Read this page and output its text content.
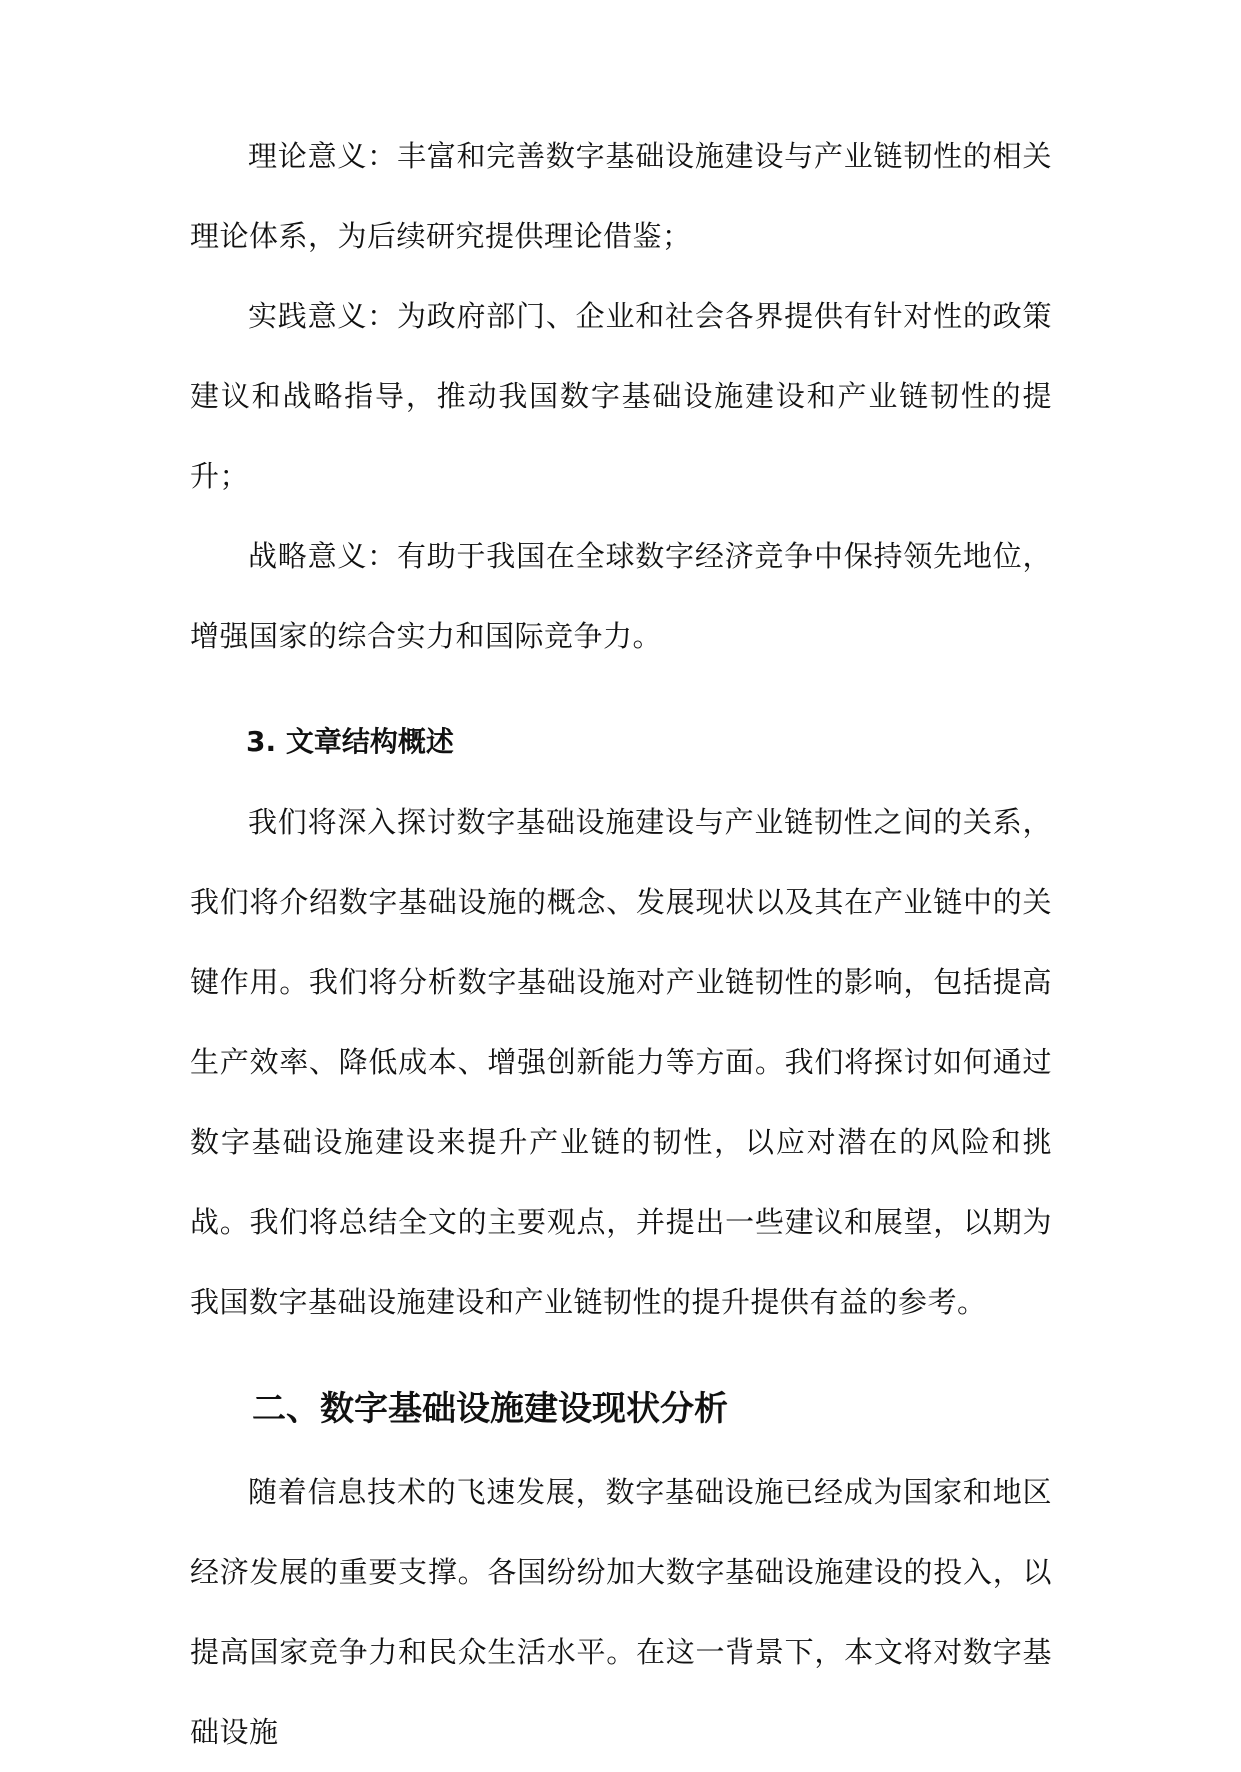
理论意义：丰富和完善数字基础设施建设与产业链韧性的相关理论体系，为后续研究提供理论借鉴；

实践意义：为政府部门、企业和社会各界提供有针对性的政策建议和战略指导，推动我国数字基础设施建设和产业链韧性的提升；

战略意义：有助于我国在全球数字经济竞争中保持领先地位，增强国家的综合实力和国际竞争力。

3. 文章结构概述

我们将深入探讨数字基础设施建设与产业链韧性之间的关系，我们将介绍数字基础设施的概念、发展现状以及其在产业链中的关键作用。我们将分析数字基础设施对产业链韧性的影响，包括提高生产效率、降低成本、增强创新能力等方面。我们将探讨如何通过数字基础设施建设来提升产业链的韧性，以应对潜在的风险和挑战。我们将总结全文的主要观点，并提出一些建议和展望，以期为我国数字基础设施建设和产业链韧性的提升提供有益的参考。

二、数字基础设施建设现状分析

随着信息技术的飞速发展，数字基础设施已经成为国家和地区经济发展的重要支撑。各国纷纷加大数字基础设施建设的投入，以提高国家竞争力和民众生活水平。在这一背景下，本文将对数字基础设施
